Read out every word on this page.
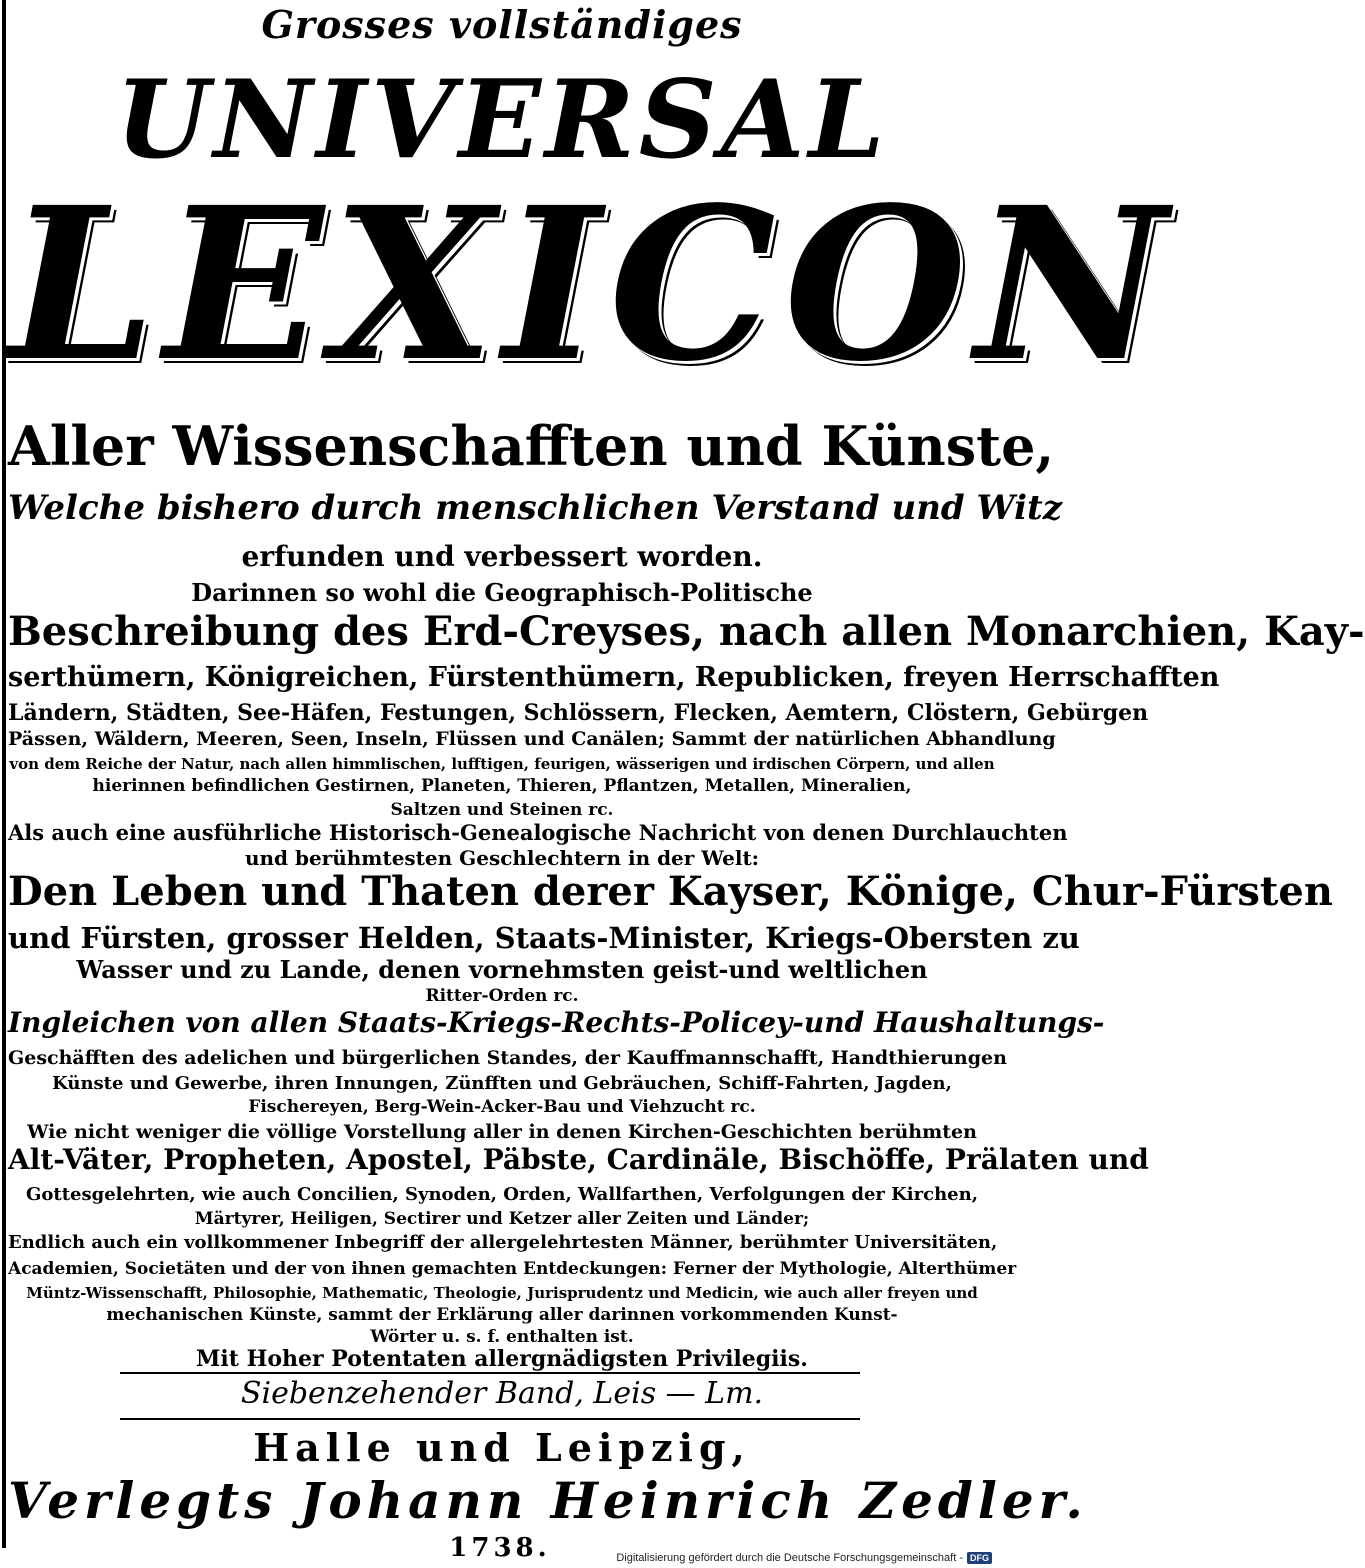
Grosses vollständiges
UNIVERSAL
LEXICON
Aller Wissenschafften und Künste,
Welche bishero durch menschlichen Verstand und Witz
erfunden und verbessert worden.
Darinnen so wohl die Geographisch-Politische
Beschreibung des Erd-Creyses, nach allen Monarchien, Kay-
serthümern, Königreichen, Fürstenthümern, Republicken, freyen Herrschafften
Ländern, Städten, See-Häfen, Festungen, Schlössern, Flecken, Aemtern, Clöstern, Gebürgen
Pässen, Wäldern, Meeren, Seen, Inseln, Flüssen und Canälen; Sammt der natürlichen Abhandlung
von dem Reiche der Natur, nach allen himmlischen, lufftigen, feurigen, wässerigen und irdischen Cörpern, und allen
hierinnen befindlichen Gestirnen, Planeten, Thieren, Pflantzen, Metallen, Mineralien,
Saltzen und Steinen rc.
Als auch eine ausführliche Historisch-Genealogische Nachricht von denen Durchlauchten
und berühmtesten Geschlechtern in der Welt:
Den Leben und Thaten derer Kayser, Könige, Chur-Fürsten
und Fürsten, grosser Helden, Staats-Minister, Kriegs-Obersten zu
Wasser und zu Lande, denen vornehmsten geist-und weltlichen
Ritter-Orden rc.
Ingleichen von allen Staats-Kriegs-Rechts-Policey-und Haushaltungs-
Geschäfften des adelichen und bürgerlichen Standes, der Kauffmannschafft, Handthierungen
Künste und Gewerbe, ihren Innungen, Zünfften und Gebräuchen, Schiff-Fahrten, Jagden,
Fischereyen, Berg-Wein-Acker-Bau und Viehzucht rc.
Wie nicht weniger die völlige Vorstellung aller in denen Kirchen-Geschichten berühmten
Alt-Väter, Propheten, Apostel, Päbste, Cardinäle, Bischöffe, Prälaten und
Gottesgelehrten, wie auch Concilien, Synoden, Orden, Wallfarthen, Verfolgungen der Kirchen,
Märtyrer, Heiligen, Sectirer und Ketzer aller Zeiten und Länder;
Endlich auch ein vollkommener Inbegriff der allergelehrtesten Männer, berühmter Universitäten,
Academien, Societäten und der von ihnen gemachten Entdeckungen: Ferner der Mythologie, Alterthümer
Müntz-Wissenschafft, Philosophie, Mathematic, Theologie, Jurisprudentz und Medicin, wie auch aller freyen und
mechanischen Künste, sammt der Erklärung aller darinnen vorkommenden Kunst-
Wörter u. s. f. enthalten ist.
Mit Hoher Potentaten allergnädigsten Privilegiis.
Siebenzehender Band, Leis — Lm.
Halle und Leipzig,
Verlegts Johann Heinrich Zedler.
1738.	Digitalisierung gefördert durch die Deutsche Forschungsgemeinschaft - DFG
